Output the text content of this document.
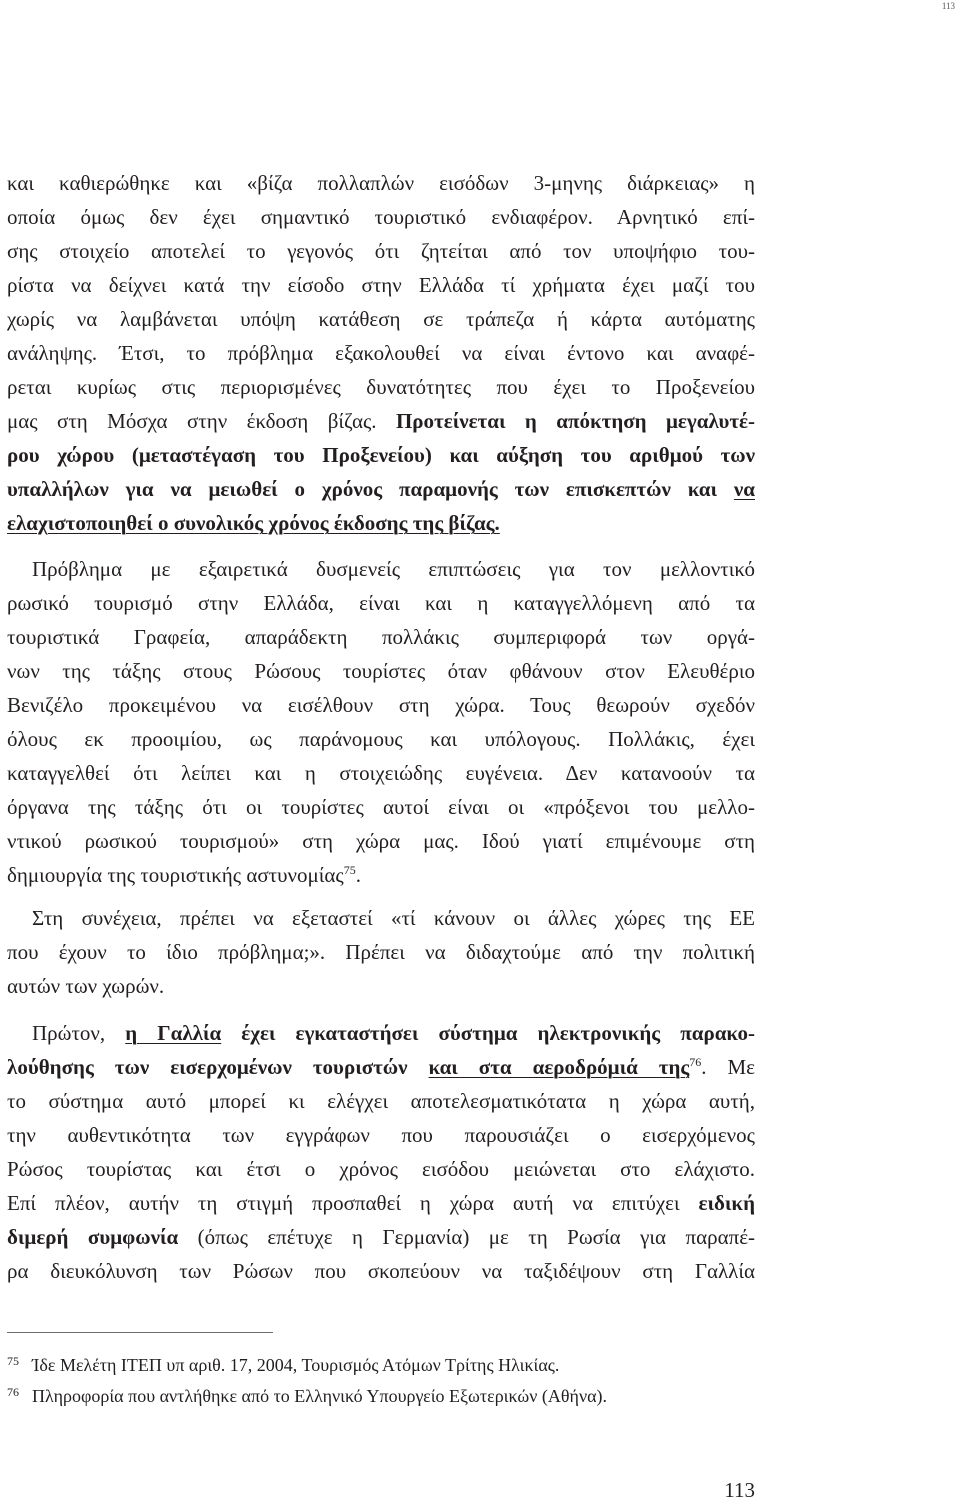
113
και καθιερώθηκε και «βίζα πολλαπλών εισόδων 3-μηνης διάρκειας» η
οποία όμως δεν έχει σημαντικό τουριστικό ενδιαφέρον. Αρνητικό επί-
σης στοιχείο αποτελεί το γεγονός ότι ζητείται από τον υποψήφιο του-
ρίστα να δείχνει κατά την είσοδο στην Ελλάδα τί χρήματα έχει μαζί του
χωρίς να λαμβάνεται υπόψη κατάθεση σε τράπεζα ή κάρτα αυτόματης
ανάληψης. Έτσι, το πρόβλημα εξακολουθεί να είναι έντονο και αναφέ-
ρεται κυρίως στις περιορισμένες δυνατότητες που έχει το Προξενείου
μας στη Μόσχα στην έκδοση βίζας. Προτείνεται η απόκτηση μεγαλυτέ-
ρου χώρου (μεταστέγαση του Προξενείου) και αύξηση του αριθμού των
υπαλλήλων για να μειωθεί ο χρόνος παραμονής των επισκεπτών και να
ελαχιστοποιηθεί ο συνολικός χρόνος έκδοσης της βίζας.
Πρόβλημα με εξαιρετικά δυσμενείς επιπτώσεις για τον μελλοντικό
ρωσικό τουρισμό στην Ελλάδα, είναι και η καταγγελλόμενη από τα
τουριστικά Γραφεία, απαράδεκτη πολλάκις συμπεριφορά των οργά-
νων της τάξης στους Ρώσους τουρίστες όταν φθάνουν στον Ελευθέριο
Βενιζέλο προκειμένου να εισέλθουν στη χώρα. Τους θεωρούν σχεδόν
όλους εκ προοιμίου, ως παράνομους και υπόλογους. Πολλάκις, έχει
καταγγελθεί ότι λείπει και η στοιχειώδης ευγένεια. Δεν κατανοούν τα
όργανα της τάξης ότι οι τουρίστες αυτοί είναι οι «πρόξενοι του μελλο-
ντικού ρωσικού τουρισμού» στη χώρα μας. Ιδού γιατί επιμένουμε στη
δημιουργία της τουριστικής αστυνομίας$^{75}$.
Στη συνέχεια, πρέπει να εξεταστεί «τί κάνουν οι άλλες χώρες της ΕΕ
που έχουν το ίδιο πρόβλημα;». Πρέπει να διδαχτούμε από την πολιτική
αυτών των χωρών.
Πρώτον, η Γαλλία έχει εγκαταστήσει σύστημα ηλεκτρονικής παρακο-
λούθησης των εισερχομένων τουριστών και στα αεροδρόμιά της$^{76}$. Με
το σύστημα αυτό μπορεί κι ελέγχει αποτελεσματικότατα η χώρα αυτή,
την αυθεντικότητα των εγγράφων που παρουσιάζει ο εισερχόμενος
Ρώσος τουρίστας και έτσι ο χρόνος εισόδου μειώνεται στο ελάχιστο.
Επί πλέον, αυτήν τη στιγμή προσπαθεί η χώρα αυτή να επιτύχει ειδική
διμερή συμφωνία (όπως επέτυχε η Γερμανία) με τη Ρωσία για παραπέ-
ρα διευκόλυνση των Ρώσων που σκοπεύουν να ταξιδέψουν στη Γαλλία
75 Ίδε Μελέτη ΙΤΕΠ υπ αριθ. 17, 2004, Τουρισμός Ατόμων Τρίτης Ηλικίας.
76 Πληροφορία που αντλήθηκε από το Ελληνικό Υπουργείο Εξωτερικών (Αθήνα).
113
